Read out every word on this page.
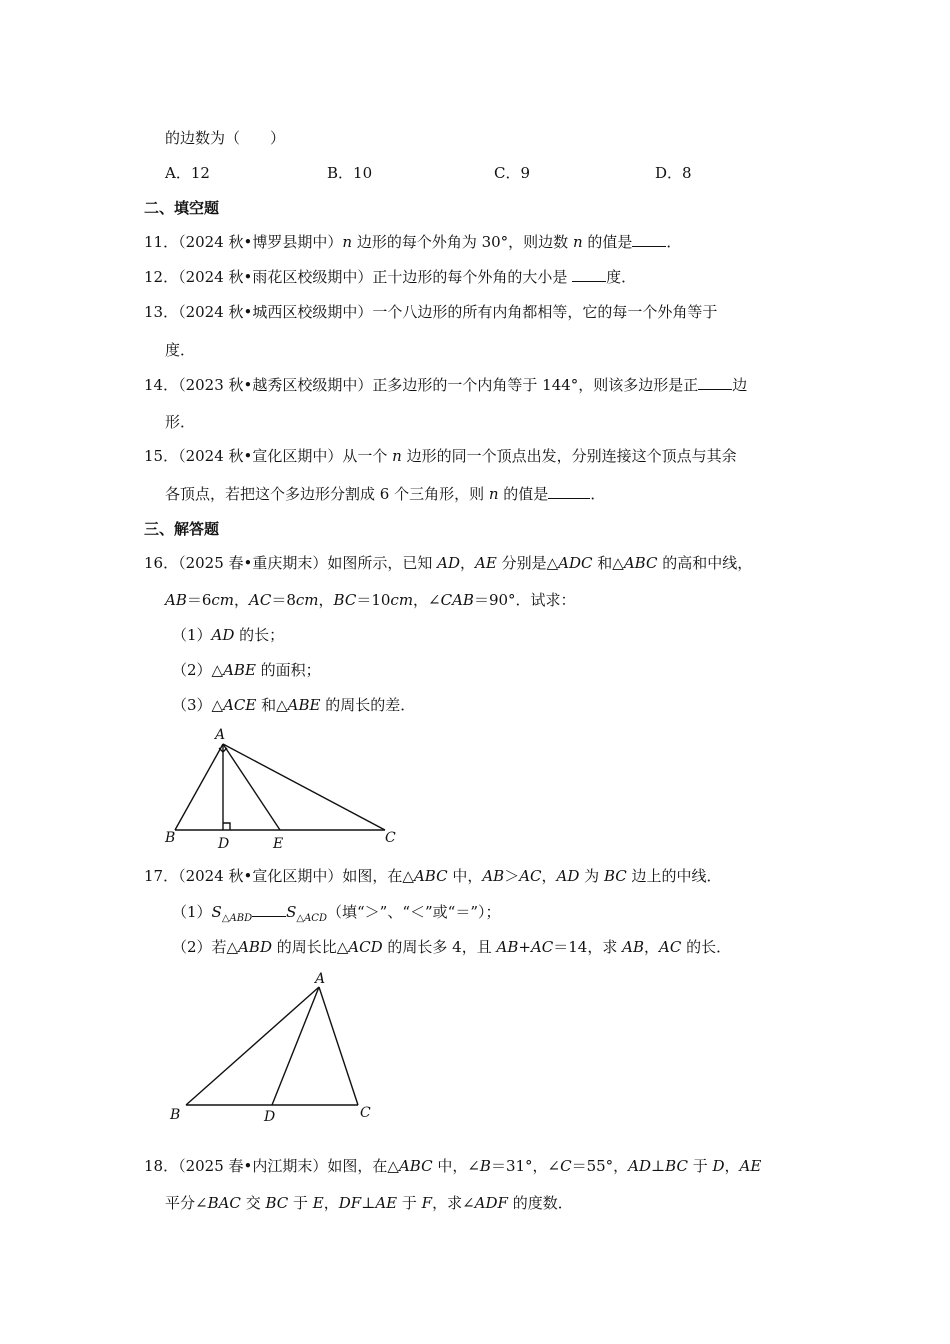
的边数为（　　）
A．12	B．10	C．9	D．8
二、填空题
11．（2024 秋•博罗县期中）n 边形的每个外角为 30°，则边数 n 的值是 ．
12．（2024 秋•雨花区校级期中）正十边形的每个外角的大小是 度．
13．（2024 秋•城西区校级期中）一个八边形的所有内角都相等，它的每一个外角等于
度．
14．（2023 秋•越秀区校级期中）正多边形的一个内角等于 144°，则该多边形是正 边
形．
15．（2024 秋•宣化区期中）从一个 n 边形的同一个顶点出发，分别连接这个顶点与其余
各顶点，若把这个多边形分割成 6 个三角形，则 n 的值是	．
三、解答题
16．（2025 春•重庆期末）如图所示，已知 AD，AE 分别是△ADC 和△ABC 的高和中线，
AB＝6cm，AC＝8cm，BC＝10cm，∠CAB＝90°．试求：
（1）AD 的长；
（2）△ABE 的面积；
（3）△ACE 和△ABE 的周长的差．
A
B	D	E	C
17．（2024 秋•宣化区期中）如图，在△ABC 中，AB＞AC，AD 为 BC 边上的中线．
$(1)S_{\triangle ABD}$ $S_{\triangle ACD}$（填“＞”、“＜”或“＝”）；
（2）若△ABD 的周长比△ACD 的周长多 4，且 AB+AC＝14，求 AB，AC 的长．
A
B	D	C
18．（2025 春•内江期末）如图，在△ABC 中，∠B＝31°，∠C＝55°，AD⊥BC 于 D，AE
平分∠BAC 交 BC 于 E，DF⊥AE 于 F，求∠ADF 的度数．
